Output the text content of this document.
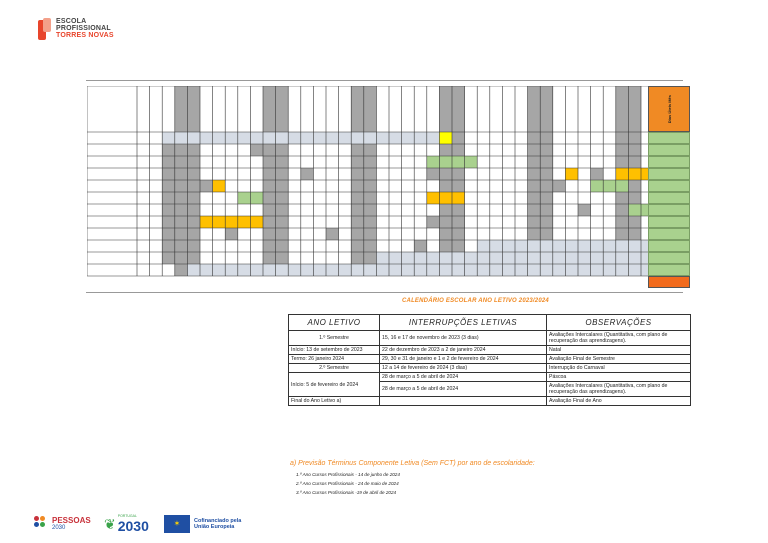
ESCOLA
PROFISSIONAL
TORRES NOVAS
Dias Úteis Mês
CALENDÁRIO ESCOLAR ANO LETIVO 2023/2024
ANO LETIVO	INTERRUPÇÕES LETIVAS	OBSERVAÇÕES
1.º Semestre	15, 16 e 17 de novembro de 2023 (3 dias)	Avaliações Intercalares (Quantitativa, com plano de recuperação das aprendizagens).
Início: 13 de setembro de 2023	22 de dezembro de 2023 a 2 de janeiro 2024	Natal
Termo: 26 janeiro 2024	29, 30 e 31 de janeiro e 1 e 2 de fevereiro de 2024	Avaliação Final de Semestre
2.º Semestre	12 a 14 de fevereiro de 2024 (3 dias)	Interrupção do Carnaval
Início: 5 de fevereiro de 2024	28 de março a 5 de abril de 2024	Páscoa
	28 de março a 5 de abril de 2024	Avaliações Intercalares (Quantitativa, com plano de recuperação das aprendizagens).
Final do Ano Letivo a)		Avaliação Final de Ano
a) Previsão Términus Componente Letiva (Sem FCT) por ano de escolaridade:
1.º Ano Cursos Profissionais - 14 de junho de 2024
2.º Ano Cursos Profissionais - 24 de maio de 2024
3.º Ano Cursos Profissionais -19 de abril de 2024
PESSOAS
2030	❦ PORTUGAL
2030	✶ Cofinanciado pela
União Europeia
